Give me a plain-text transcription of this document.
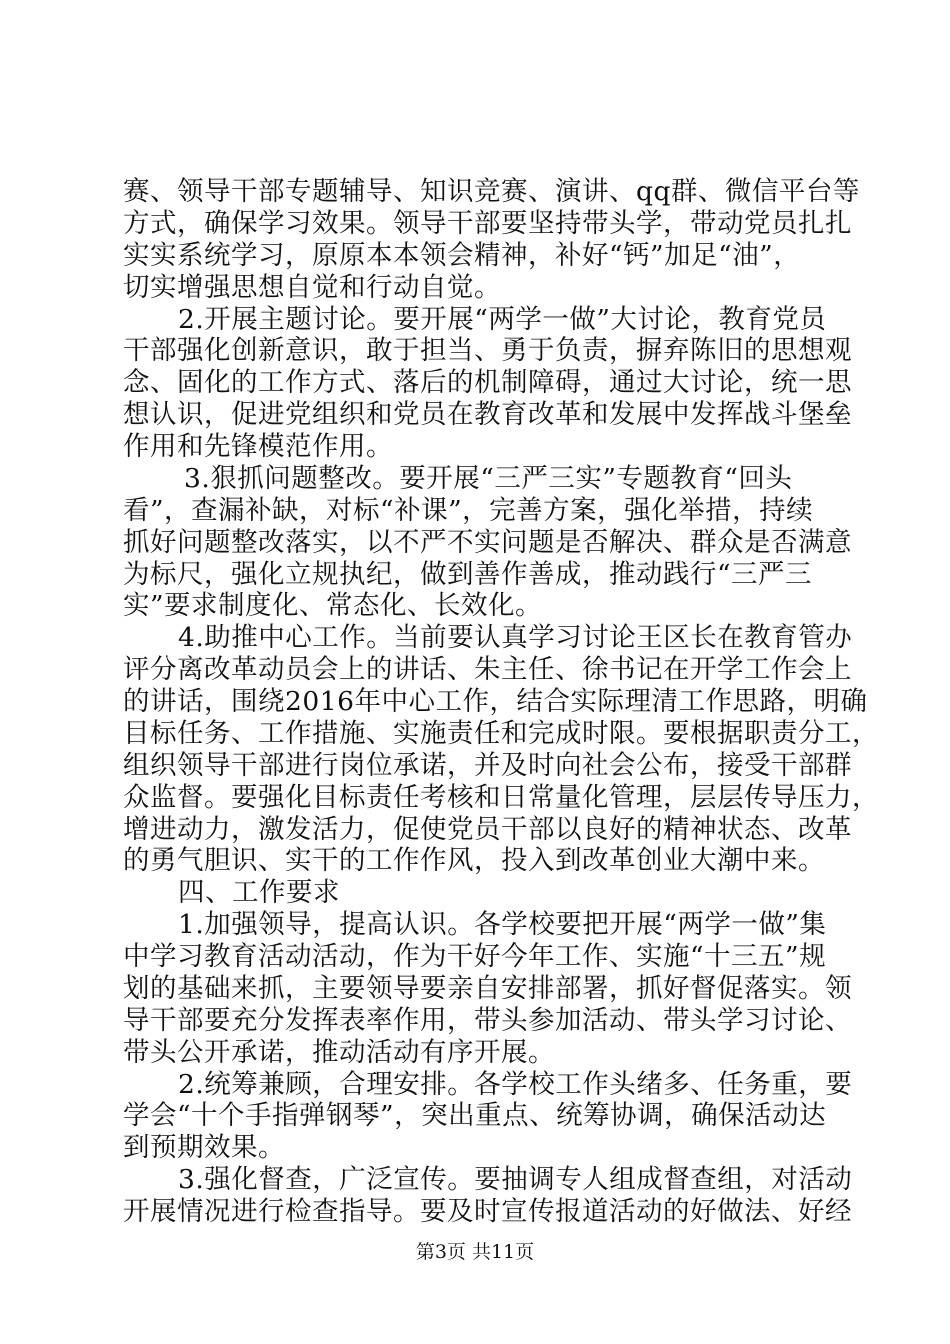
赛、领导干部专题辅导、知识竞赛、演讲、qq群、微信平台等
方式，确保学习效果。领导干部要坚持带头学，带动党员扎扎
实实系统学习，原原本本领会精神，补好“钙”加足“油”，
切实增强思想自觉和行动自觉。
2.开展主题讨论。要开展“两学一做”大讨论，教育党员
干部强化创新意识，敢于担当、勇于负责，摒弃陈旧的思想观
念、固化的工作方式、落后的机制障碍，通过大讨论，统一思
想认识，促进党组织和党员在教育改革和发展中发挥战斗堡垒
作用和先锋模范作用。
3.狠抓问题整改。要开展“三严三实”专题教育“回头
看”，查漏补缺，对标“补课”，完善方案，强化举措，持续
抓好问题整改落实，以不严不实问题是否解决、群众是否满意
为标尺，强化立规执纪，做到善作善成，推动践行“三严三
实”要求制度化、常态化、长效化。
4.助推中心工作。当前要认真学习讨论王区长在教育管办
评分离改革动员会上的讲话、朱主任、徐书记在开学工作会上
的讲话，围绕2016年中心工作，结合实际理清工作思路，明确
目标任务、工作措施、实施责任和完成时限。要根据职责分工，
组织领导干部进行岗位承诺，并及时向社会公布，接受干部群
众监督。要强化目标责任考核和日常量化管理，层层传导压力，
增进动力，激发活力，促使党员干部以良好的精神状态、改革
的勇气胆识、实干的工作作风，投入到改革创业大潮中来。
四、工作要求
1.加强领导，提高认识。各学校要把开展“两学一做”集
中学习教育活动活动，作为干好今年工作、实施“十三五”规
划的基础来抓，主要领导要亲自安排部署，抓好督促落实。领
导干部要充分发挥表率作用，带头参加活动、带头学习讨论、
带头公开承诺，推动活动有序开展。
2.统筹兼顾，合理安排。各学校工作头绪多、任务重，要
学会“十个手指弹钢琴”，突出重点、统筹协调，确保活动达
到预期效果。
3.强化督查，广泛宣传。要抽调专人组成督查组，对活动
开展情况进行检查指导。要及时宣传报道活动的好做法、好经
第3页 共11页
